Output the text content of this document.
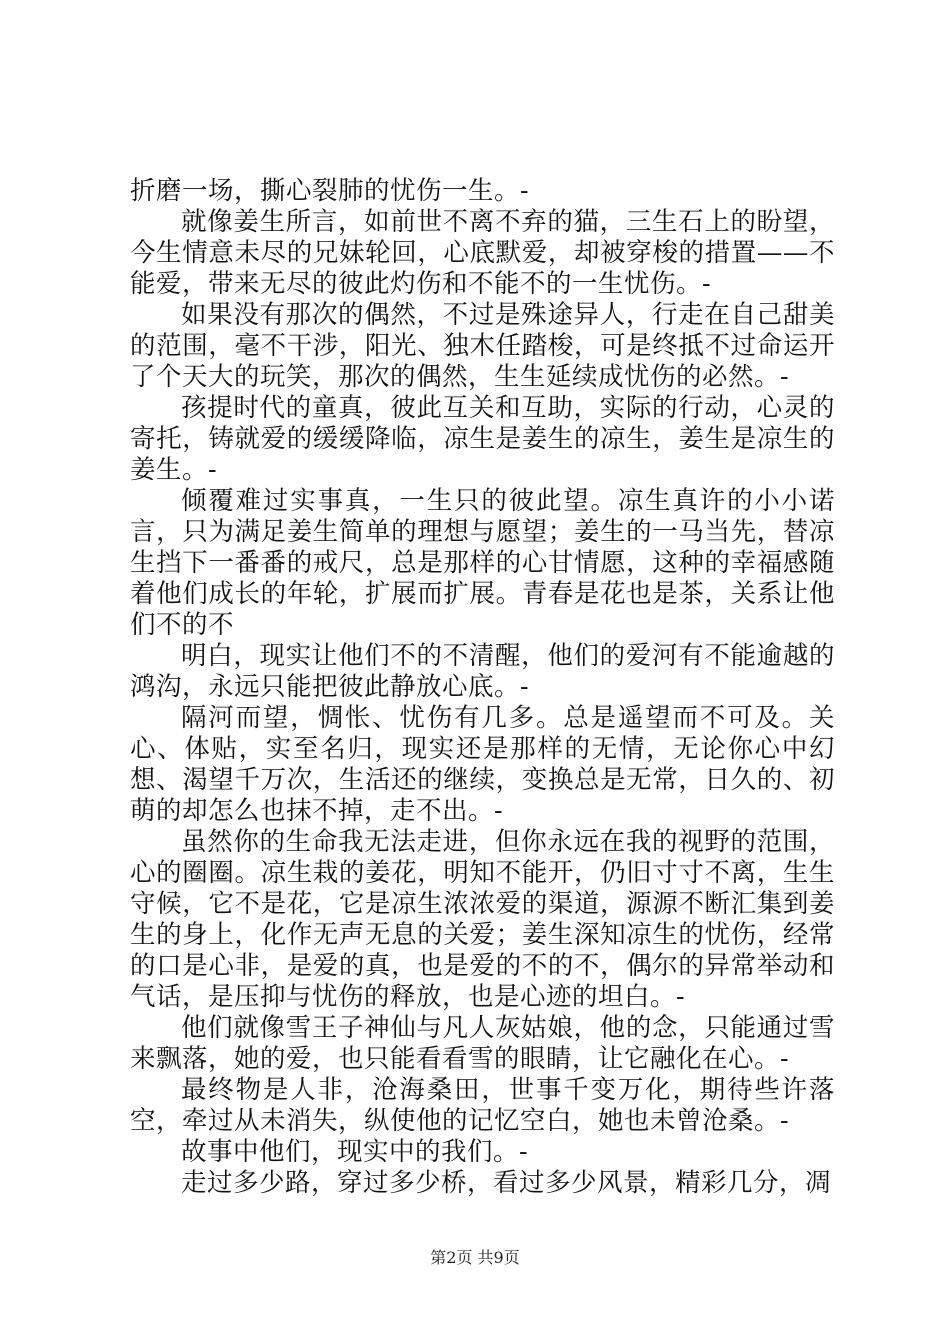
折磨一场，撕心裂肺的忧伤一生。-

就像姜生所言，如前世不离不弃的猫，三生石上的盼望，今生情意未尽的兄妹轮回，心底默爱，却被穿梭的措置——不能爱，带来无尽的彼此灼伤和不能不的一生忧伤。-

如果没有那次的偶然，不过是殊途异人，行走在自己甜美的范围，毫不干涉，阳光、独木任踏梭，可是终抵不过命运开了个天大的玩笑，那次的偶然，生生延续成忧伤的必然。-

孩提时代的童真，彼此互关和互助，实际的行动，心灵的寄托，铸就爱的缓缓降临，凉生是姜生的凉生，姜生是凉生的姜生。-

倾覆难过实事真，一生只的彼此望。凉生真许的小小诺言，只为满足姜生简单的理想与愿望；姜生的一马当先，替凉生挡下一番番的戒尺，总是那样的心甘情愿，这种的幸福感随着他们成长的年轮，扩展而扩展。青春是花也是茶，关系让他们不的不

明白，现实让他们不的不清醒，他们的爱河有不能逾越的鸿沟，永远只能把彼此静放心底。-

隔河而望，惆怅、忧伤有几多。总是遥望而不可及。关心、体贴，实至名归，现实还是那样的无情，无论你心中幻想、渴望千万次，生活还的继续，变换总是无常，日久的、初萌的却怎么也抹不掉，走不出。-

虽然你的生命我无法走进，但你永远在我的视野的范围，心的圈圈。凉生栽的姜花，明知不能开，仍旧寸寸不离，生生守候，它不是花，它是凉生浓浓爱的渠道，源源不断汇集到姜生的身上，化作无声无息的关爱；姜生深知凉生的忧伤，经常的口是心非，是爱的真，也是爱的不的不，偶尔的异常举动和气话，是压抑与忧伤的释放，也是心迹的坦白。-

他们就像雪王子神仙与凡人灰姑娘，他的念，只能通过雪来飘落，她的爱，也只能看看雪的眼睛，让它融化在心。-

最终物是人非，沧海桑田，世事千变万化，期待些许落空，牵过从未消失，纵使他的记忆空白，她也未曾沧桑。-

故事中他们，现实中的我们。-

走过多少路，穿过多少桥，看过多少风景，精彩几分，凋

第2页 共9页
